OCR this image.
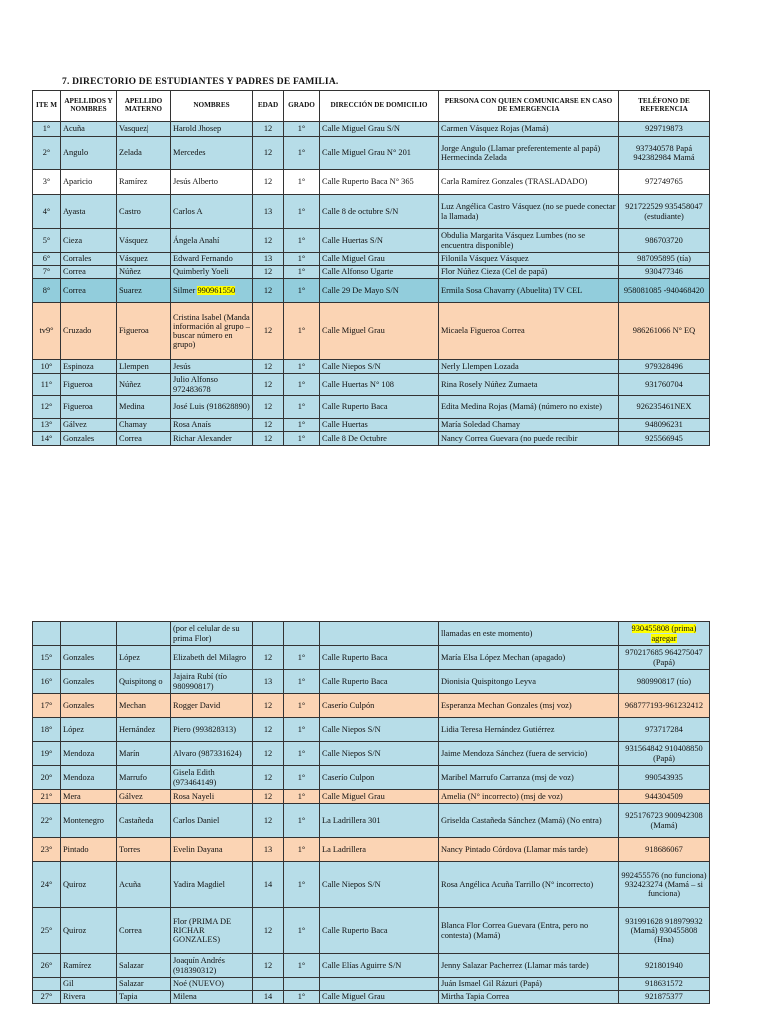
7. DIRECTORIO DE ESTUDIANTES Y PADRES DE FAMILIA.
ITE M	APELLIDOS Y NOMBRES	APELLIDO MATERNO	NOMBRES	EDAD	GRADO	DIRECCIÓN DE DOMICILIO	PERSONA CON QUIEN COMUNICARSE EN CASO DE EMERGENCIA	TELÉFONO DE REFERENCIA
1°	Acuña	Vasquez|	Harold Jhosep	12	1°	Calle Miguel Grau S/N	Carmen Vásquez Rojas (Mamá)	929719873
2°	Angulo	Zelada	Mercedes	12	1°	Calle Miguel Grau N° 201	Jorge Angulo (Llamar preferentemente al papá) Hermecinda Zelada	937340578 Papá 942382984 Mamá
3°	Aparicio	Ramírez	Jesús Alberto	12	1°	Calle Ruperto Baca N° 365	Carla Ramírez Gonzales (TRASLADADO)	972749765
4°	Ayasta	Castro	Carlos A	13	1°	Calle 8 de octubre S/N	Luz Angélica Castro Vásquez (no se puede conectar la llamada)	921722529 935458047 (estudiante)
5°	Cieza	Vásquez	Ángela Anahí	12	1°	Calle Huertas S/N	Obdulia Margarita Vásquez Lumbes (no se encuentra disponible)	986703720
6°	Corrales	Vásquez	Edward Fernando	13	1°	Calle Miguel Grau	Filonila Vásquez Vásquez	987095895 (tía)
7°	Correa	Núñez	Quimberly Yoeli	12	1°	Calle Alfonso Ugarte	Flor Núñez Cieza (Cel de papá)	930477346
8°	Correa	Suarez	Silmer 990961550	12	1°	Calle 29 De Mayo S/N	Ermila Sosa Chavarry (Abuelita) TV CEL	958081085 -940468420
tv9°	Cruzado	Figueroa	Cristina Isabel (Manda información al grupo – buscar número en grupo)	12	1°	Calle Miguel Grau	Micaela Figueroa Correa	986261066 N° EQ
10°	Espinoza	Llempen	Jesús	12	1°	Calle Niepos S/N	Nerly Llempen Lozada	979328496
11°	Figueroa	Núñez	Julio Alfonso 972483678	12	1°	Calle Huertas N° 108	Rina Rosely Núñez Zumaeta	931760704
12°	Figueroa	Medina	José Luis (918628890)	12	1°	Calle Ruperto Baca	Edita Medina Rojas (Mamá) (número no existe)	926235461NEX
13°	Gálvez	Chamay	Rosa Anaís	12	1°	Calle Huertas	María Soledad Chamay	948096231
14°	Gonzales	Correa	Richar Alexander	12	1°	Calle 8 De Octubre	Nancy Correa Guevara (no puede recibir	925566945
			(por el celular de su prima Flor)				llamadas en este momento)	930455808 (prima) agregar
15°	Gonzales	López	Elizabeth del Milagro	12	1°	Calle Ruperto Baca	María Elsa López Mechan (apagado)	970217685 964275047 (Papá)
16°	Gonzales	Quispitong o	Jajaira Rubí (tío 980990817)	13	1°	Calle Ruperto Baca	Dionisia Quispitongo Leyva	980990817 (tío)
17°	Gonzales	Mechan	Rogger David	12	1°	Caserío Culpón	Esperanza Mechan Gonzales (msj voz)	968777193-961232412
18°	López	Hernández	Piero (993828313)	12	1°	Calle Niepos S/N	Lidia Teresa Hernández Gutiérrez	973717284
19°	Mendoza	Marín	Alvaro (987331624)	12	1°	Calle Niepos S/N	Jaime Mendoza Sánchez (fuera de servicio)	931564842 910408850 (Papá)
20°	Mendoza	Marrufo	Gisela Edith (973464149)	12	1°	Caserío Culpon	Maribel Marrufo Carranza (msj de voz)	990543935
21°	Mera	Gálvez	Rosa Nayeli	12	1°	Calle Miguel Grau	Amelia (N° incorrecto) (msj de voz)	944304509
22°	Montenegro	Castañeda	Carlos Daniel	12	1°	La Ladrillera 301	Griselda Castañeda Sánchez (Mamá) (No entra)	925176723 900942308 (Mamá)
23°	Pintado	Torres	Evelin Dayana	13	1°	La Ladrillera	Nancy Pintado Córdova (Llamar más tarde)	918686067
24°	Quiroz	Acuña	Yadira Magdiel	14	1°	Calle Niepos S/N	Rosa Angélica Acuña Tarrillo (N° incorrecto)	992455576 (no funciona) 932423274 (Mamá – si funciona)
25°	Quiroz	Correa	Flor (PRIMA DE RICHAR GONZALES)	12	1°	Calle Ruperto Baca	Blanca Flor Correa Guevara (Entra, pero no contesta) (Mamá)	931991628 918979932 (Mamá) 930455808 (Hna)
26°	Ramírez	Salazar	Joaquín Andrés (918390312)	12	1°	Calle Elías Aguirre S/N	Jenny Salazar Pacherrez (Llamar más tarde)	921801940
	Gil	Salazar	Noé (NUEVO)				Juán Ismael Gil Rázuri (Papá)	918631572
27°	Rivera	Tapia	Milena	14	1°	Calle Miguel Grau	Mirtha Tapia Correa	921875377
